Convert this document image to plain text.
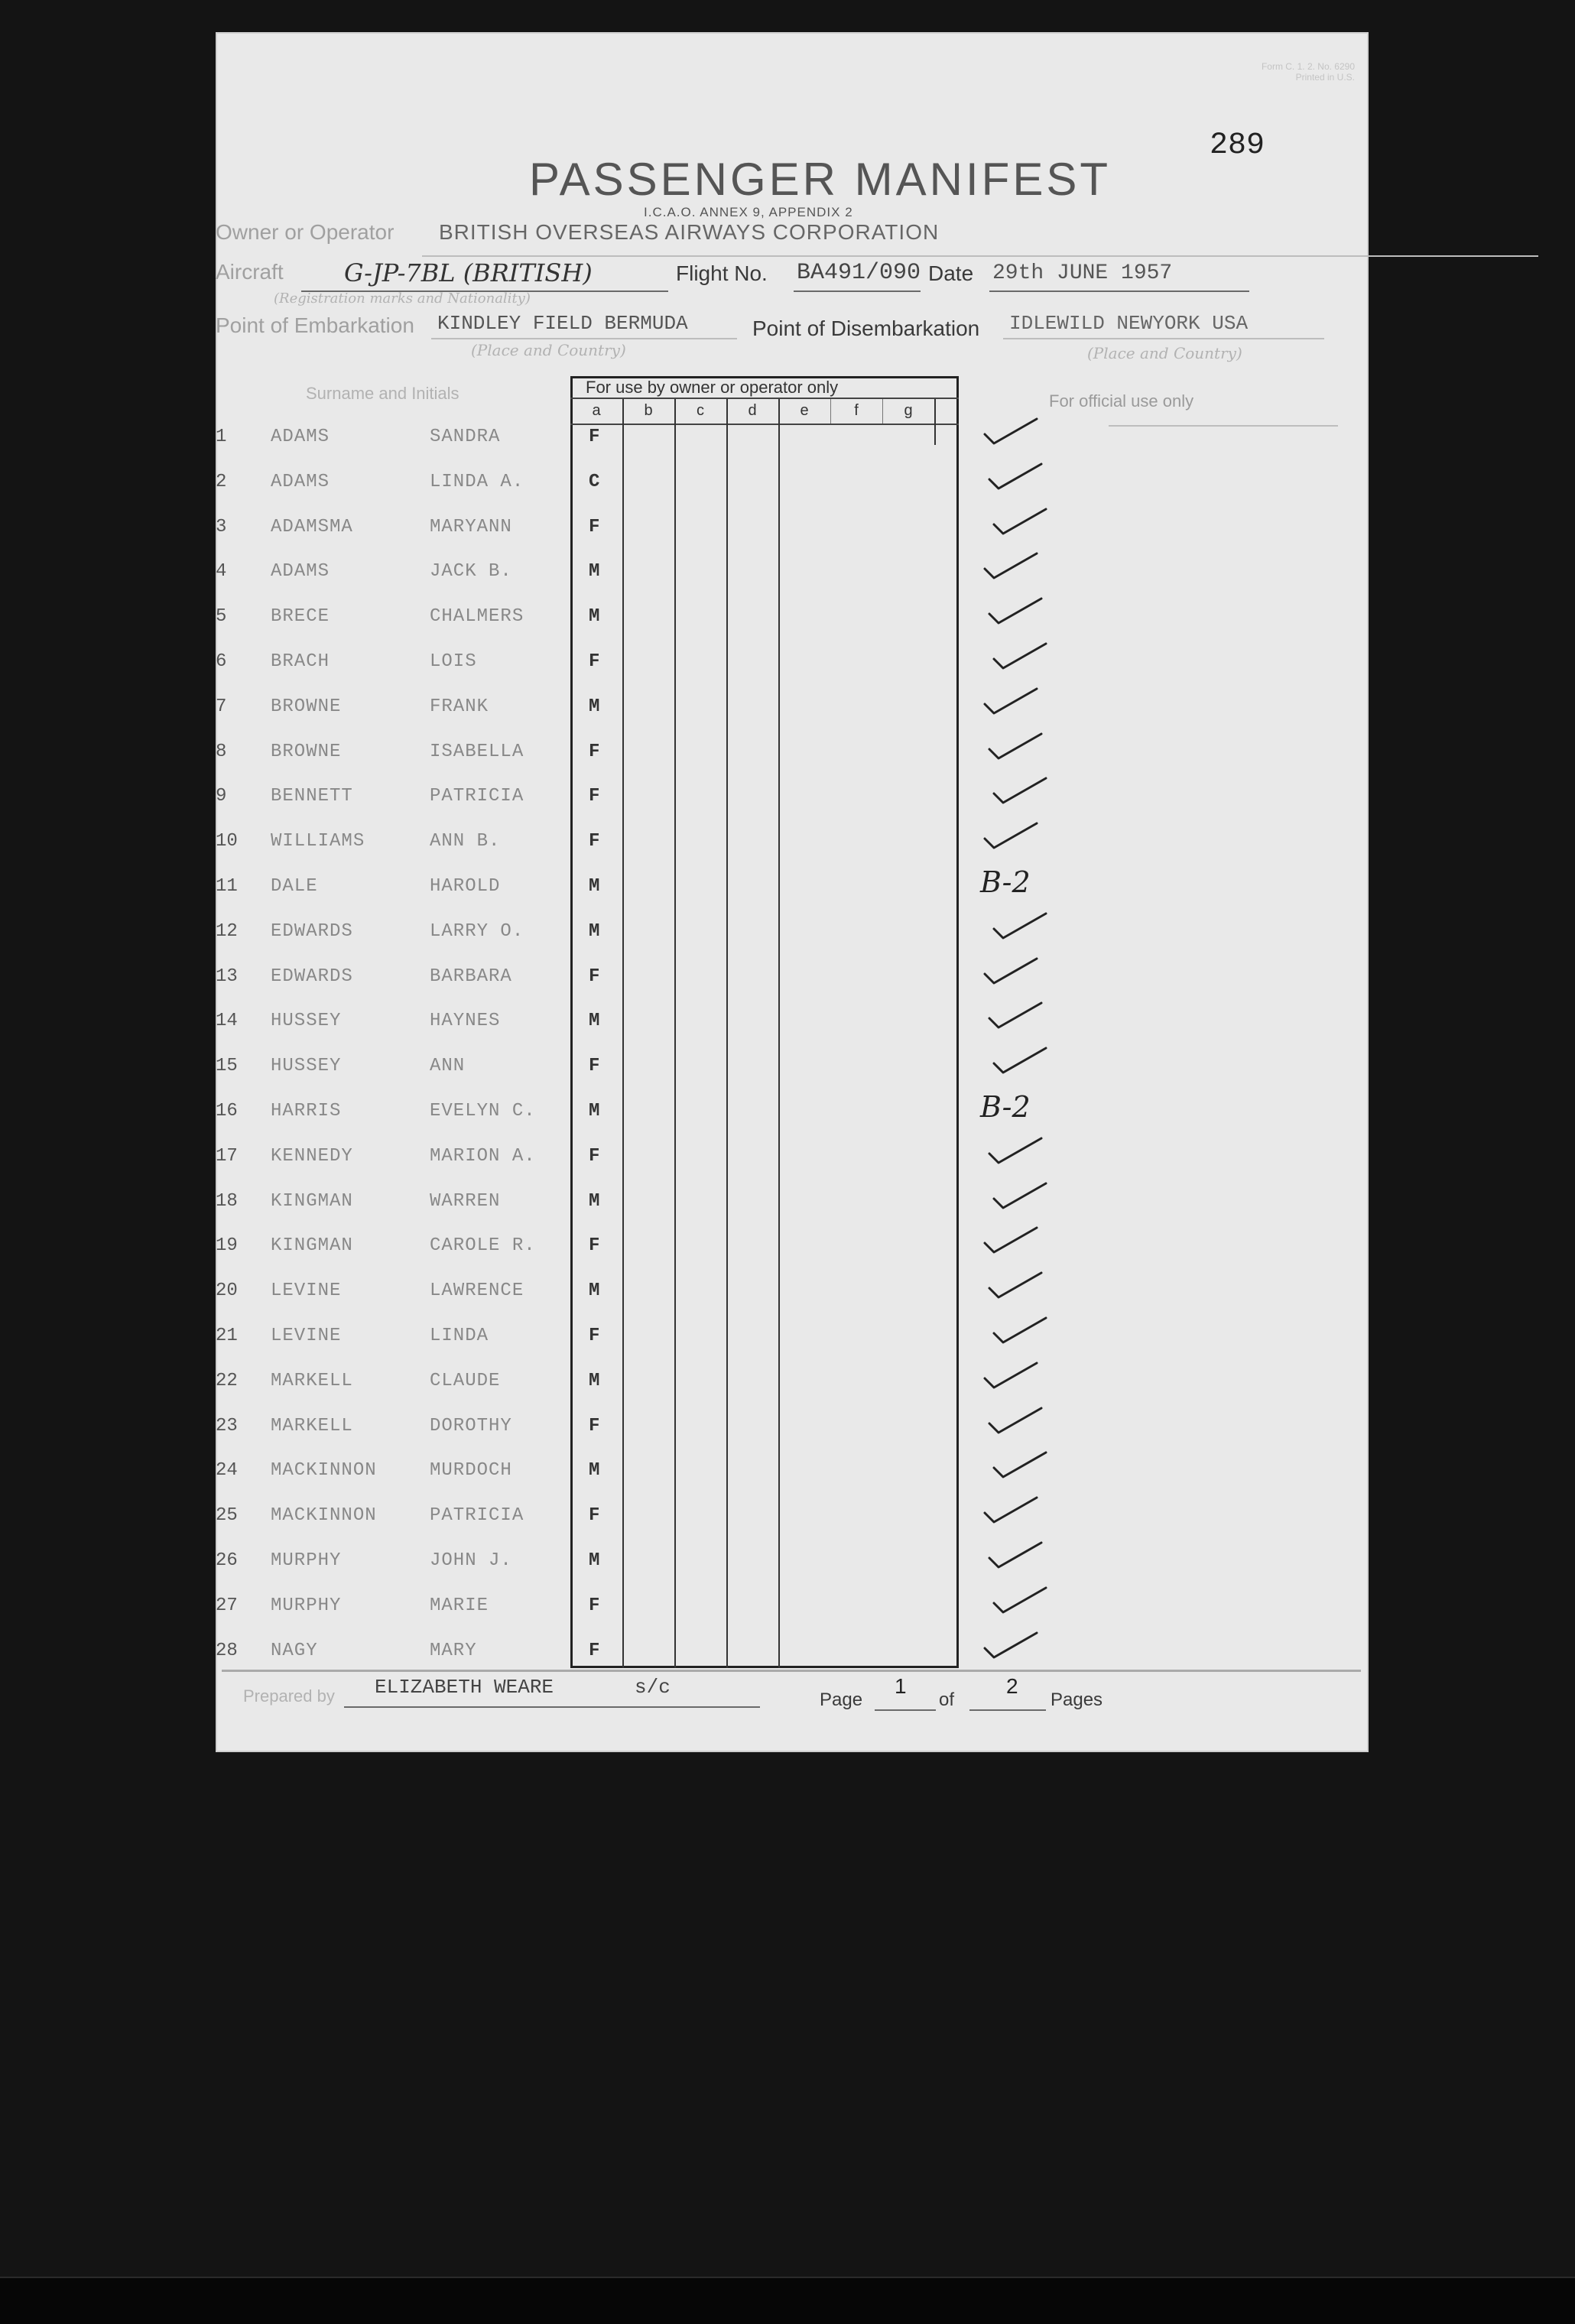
Form C. 1. 2. No. 6290
Printed in U.S.
289
PASSENGER MANIFEST
I.C.A.O. ANNEX 9, APPENDIX 2
Owner or Operator BRITISH OVERSEAS AIRWAYS CORPORATION
Aircraft G-JP-7BL (BRITISH)
(Registration marks and Nationality)
Flight No. BA491/090 Date 29th JUNE 1957
Point of Embarkation KINDLEY FIELD BERMUDA
(Place and Country)
Point of Disembarkation IDLEWILD NEWYORK USA
(Place and Country)
Surname and Initials	For use by owner or operator only
For official use only
a	b	c	d	e	f	g
1 ADAMS	SANDRA	F
2 ADAMS	LINDA A.	C
3 ADAMSMA	MARYANN	F
4 ADAMS	JACK B.	M
5 BRECE	CHALMERS	M
6 BRACH	LOIS	F
7 BROWNE	FRANK	M
8 BROWNE	ISABELLA	F
9 BENNETT	PATRICIA	F
10 WILLIAMS	ANN B.	F
11 DALE	HAROLD	M	B-2
12 EDWARDS	LARRY O.	M
13 EDWARDS	BARBARA	F
14 HUSSEY	HAYNES	M
15 HUSSEY	ANN	F
16 HARRIS	EVELYN C.	M	B-2
17 KENNEDY	MARION A.	F
18 KINGMAN	WARREN	M
19 KINGMAN	CAROLE R.	F
20 LEVINE	LAWRENCE	M
21 LEVINE	LINDA	F
22 MARKELL	CLAUDE	M
23 MARKELL	DOROTHY	F
24 MACKINNON	MURDOCH	M
25 MACKINNON	PATRICIA	F
26 MURPHY	JOHN J.	M
27 MURPHY	MARIE	F
28 NAGY	MARY	F
Prepared by ELIZABETH WEARE	s/c
Page
1
of
2
Pages
